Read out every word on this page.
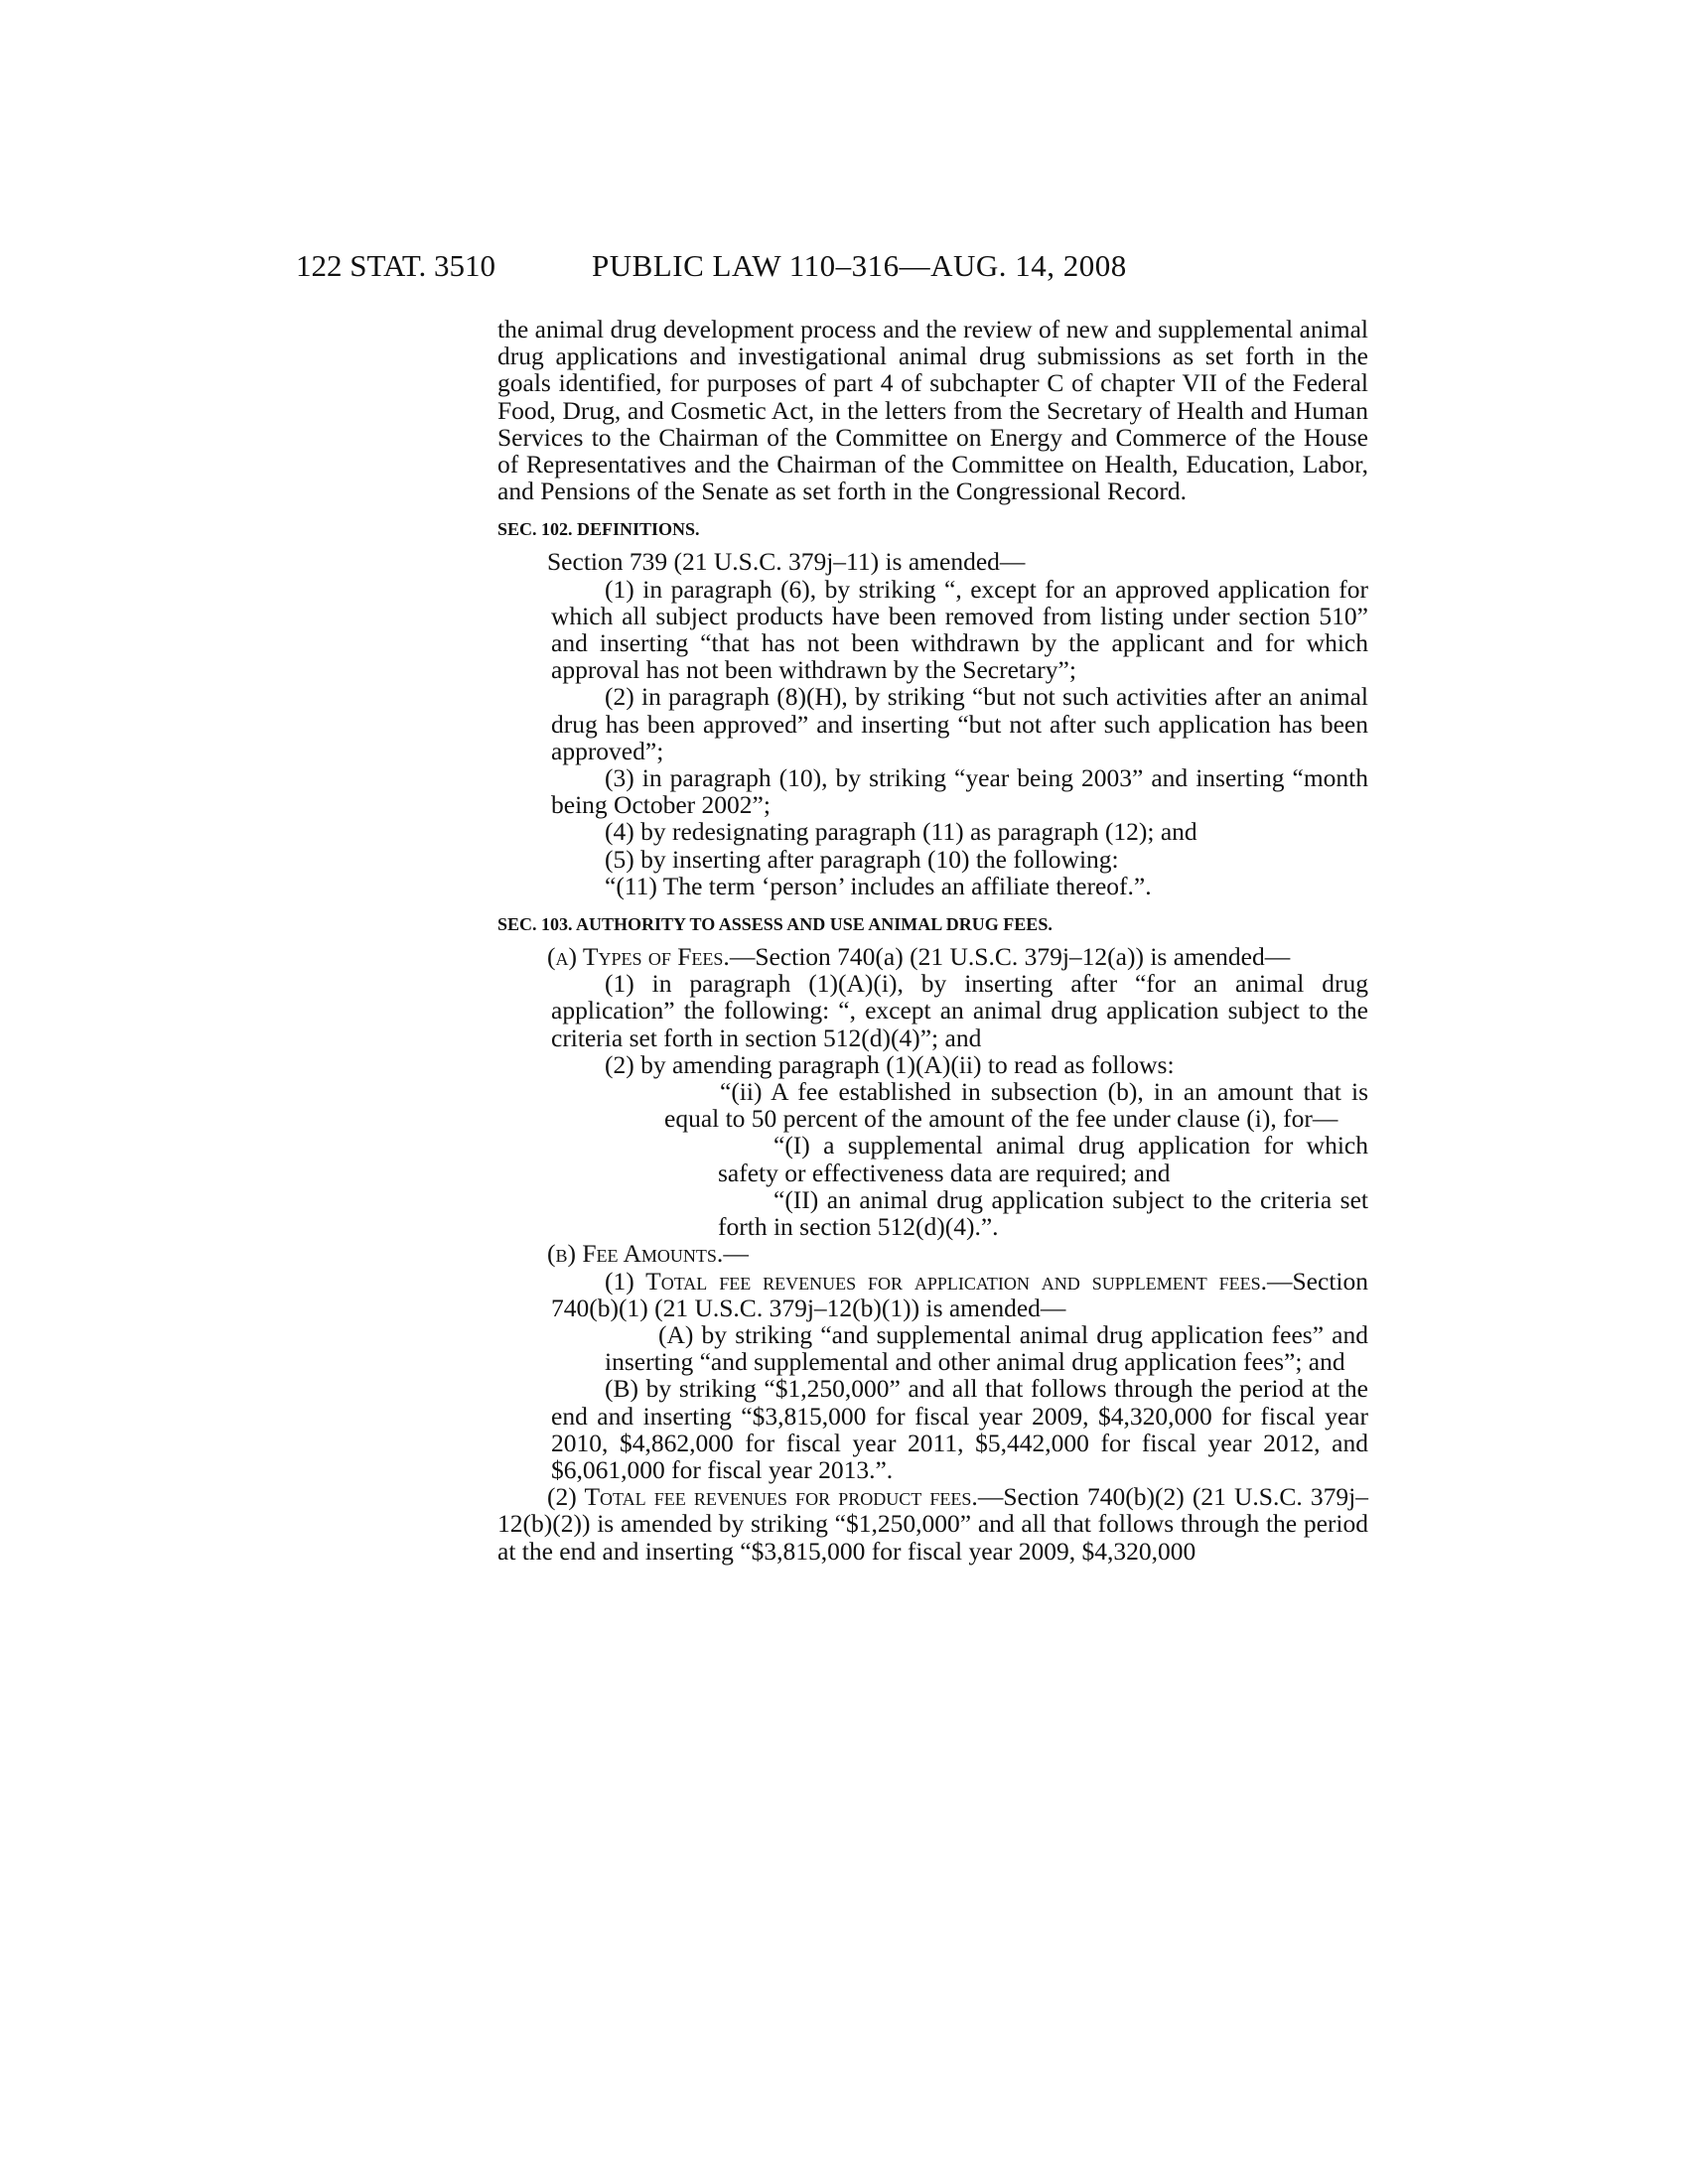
122 STAT. 3510	PUBLIC LAW 110–316—AUG. 14, 2008

the animal drug development process and the review of new and supplemental animal drug applications and investigational animal drug submissions as set forth in the goals identified, for purposes of part 4 of subchapter C of chapter VII of the Federal Food, Drug, and Cosmetic Act, in the letters from the Secretary of Health and Human Services to the Chairman of the Committee on Energy and Commerce of the House of Representatives and the Chairman of the Committee on Health, Education, Labor, and Pensions of the Senate as set forth in the Congressional Record.

SEC. 102. DEFINITIONS.

Section 739 (21 U.S.C. 379j–11) is amended—

(1) in paragraph (6), by striking “, except for an approved application for which all subject products have been removed from listing under section 510” and inserting “that has not been withdrawn by the applicant and for which approval has not been withdrawn by the Secretary”;

(2) in paragraph (8)(H), by striking “but not such activities after an animal drug has been approved” and inserting “but not after such application has been approved”;

(3) in paragraph (10), by striking “year being 2003” and inserting “month being October 2002”;

(4) by redesignating paragraph (11) as paragraph (12); and

(5) by inserting after paragraph (10) the following:

“(11) The term ‘person’ includes an affiliate thereof.”.

SEC. 103. AUTHORITY TO ASSESS AND USE ANIMAL DRUG FEES.

(a) Types of Fees.—Section 740(a) (21 U.S.C. 379j–12(a)) is amended—

(1) in paragraph (1)(A)(i), by inserting after “for an animal drug application” the following: “, except an animal drug application subject to the criteria set forth in section 512(d)(4)”; and

(2) by amending paragraph (1)(A)(ii) to read as follows:

“(ii) A fee established in subsection (b), in an amount that is equal to 50 percent of the amount of the fee under clause (i), for—

“(I) a supplemental animal drug application for which safety or effectiveness data are required; and

“(II) an animal drug application subject to the criteria set forth in section 512(d)(4).”.

(b) Fee Amounts.—

(1) Total fee revenues for application and supplement fees.—Section 740(b)(1) (21 U.S.C. 379j–12(b)(1)) is amended—

(A) by striking “and supplemental animal drug application fees” and inserting “and supplemental and other animal drug application fees”; and

(B) by striking “$1,250,000” and all that follows through the period at the end and inserting “$3,815,000 for fiscal year 2009, $4,320,000 for fiscal year 2010, $4,862,000 for fiscal year 2011, $5,442,000 for fiscal year 2012, and $6,061,000 for fiscal year 2013.”.

(2) Total fee revenues for product fees.—Section 740(b)(2) (21 U.S.C. 379j–12(b)(2)) is amended by striking “$1,250,000” and all that follows through the period at the end and inserting “$3,815,000 for fiscal year 2009, $4,320,000
